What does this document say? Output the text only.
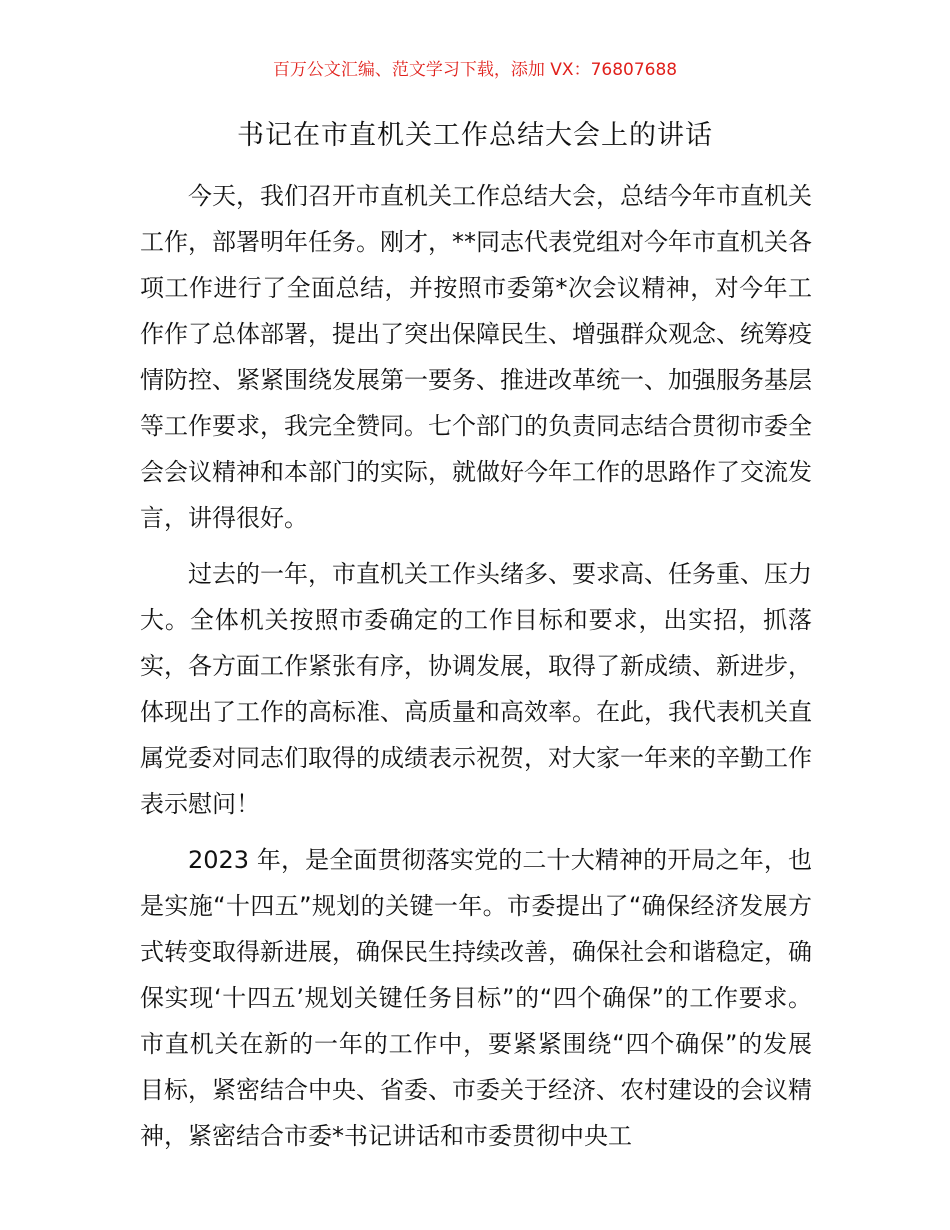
百万公文汇编、范文学习下载，添加 VX：76807688
书记在市直机关工作总结大会上的讲话

今天，我们召开市直机关工作总结大会，总结今年市直机关工作，部署明年任务。刚才，**同志代表党组对今年市直机关各项工作进行了全面总结，并按照市委第*次会议精神，对今年工作作了总体部署，提出了突出保障民生、增强群众观念、统筹疫情防控、紧紧围绕发展第一要务、推进改革统一、加强服务基层等工作要求，我完全赞同。七个部门的负责同志结合贯彻市委全会会议精神和本部门的实际，就做好今年工作的思路作了交流发言，讲得很好。

过去的一年，市直机关工作头绪多、要求高、任务重、压力大。全体机关按照市委确定的工作目标和要求，出实招，抓落实，各方面工作紧张有序，协调发展，取得了新成绩、新进步，体现出了工作的高标准、高质量和高效率。在此，我代表机关直属党委对同志们取得的成绩表示祝贺，对大家一年来的辛勤工作表示慰问！

2023 年，是全面贯彻落实党的二十大精神的开局之年，也是实施“十四五”规划的关键一年。市委提出了“确保经济发展方式转变取得新进展，确保民生持续改善，确保社会和谐稳定，确保实现‘十四五’规划关键任务目标”的“四个确保”的工作要求。市直机关在新的一年的工作中，要紧紧围绕“四个确保”的发展目标，紧密结合中央、省委、市委关于经济、农村建设的会议精神，紧密结合市委*书记讲话和市委贯彻中央工
